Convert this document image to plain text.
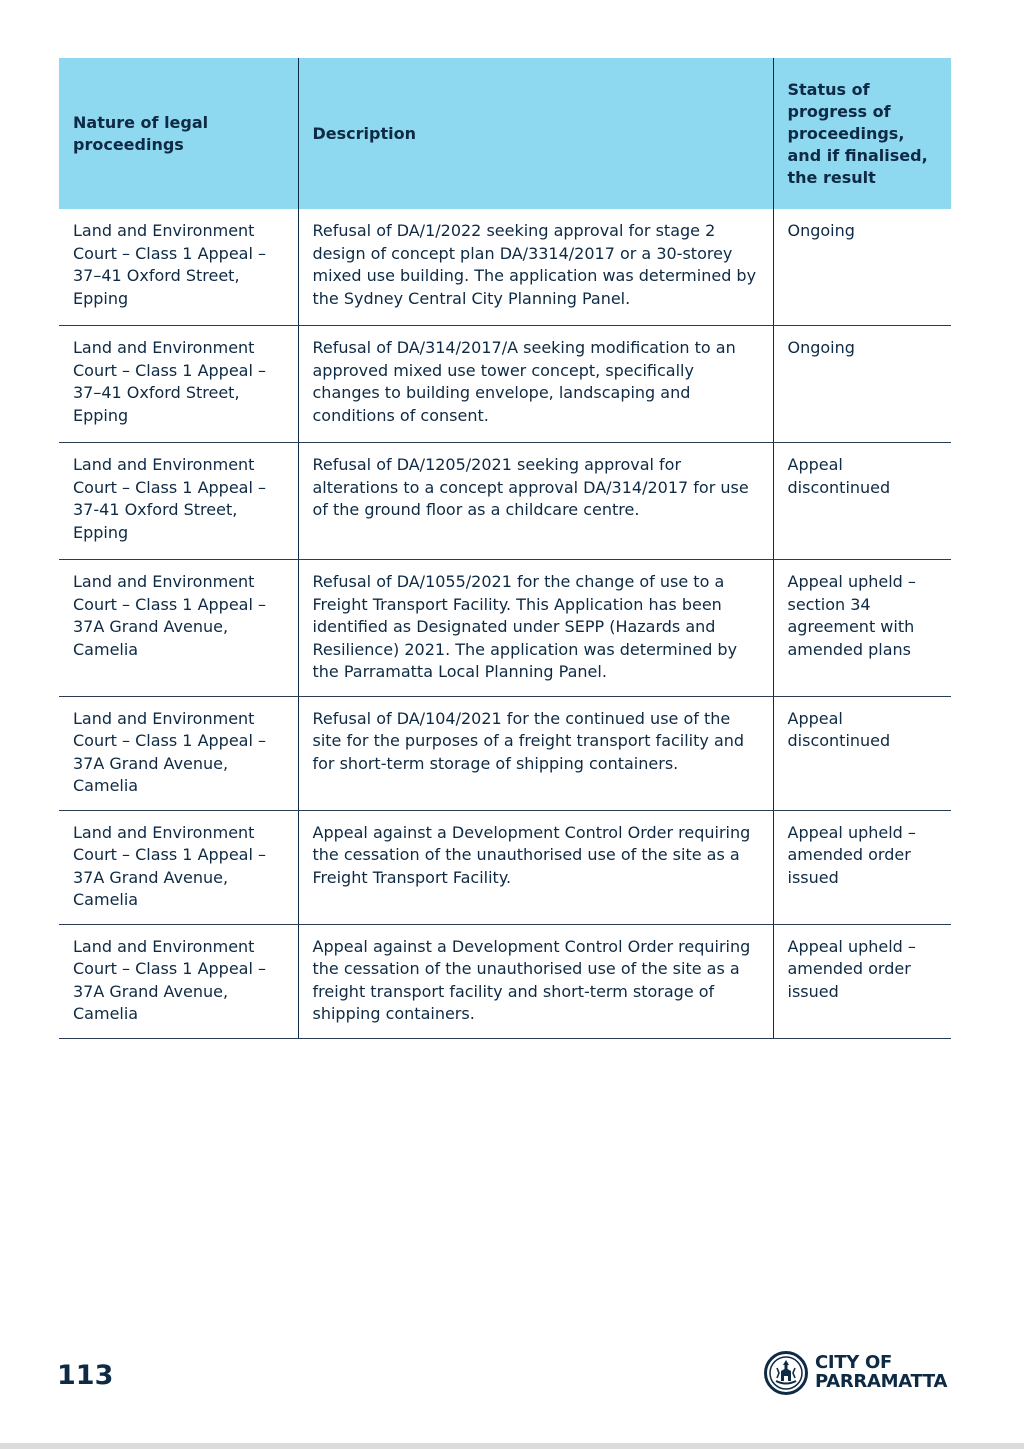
Nature of legal proceedings	Description	Status of progress of proceedings, and if finalised, the result
Land and Environment Court – Class 1 Appeal – 37–41 Oxford Street, Epping	Refusal of DA/1/2022 seeking approval for stage 2 design of concept plan DA/3314/2017 or a 30-storey mixed use building. The application was determined by the Sydney Central City Planning Panel.	Ongoing
Land and Environment Court – Class 1 Appeal – 37–41 Oxford Street, Epping	Refusal of DA/314/2017/A seeking modification to an approved mixed use tower concept, specifically changes to building envelope, landscaping and conditions of consent.	Ongoing
Land and Environment Court – Class 1 Appeal – 37-41 Oxford Street, Epping	Refusal of DA/1205/2021 seeking approval for alterations to a concept approval DA/314/2017 for use of the ground floor as a childcare centre.	Appeal discontinued
Land and Environment Court – Class 1 Appeal – 37A Grand Avenue, Camelia	Refusal of DA/1055/2021 for the change of use to a Freight Transport Facility. This Application has been identified as Designated under SEPP (Hazards and Resilience) 2021. The application was determined by the Parramatta Local Planning Panel.	Appeal upheld – section 34 agreement with amended plans
Land and Environment Court – Class 1 Appeal – 37A Grand Avenue, Camelia	Refusal of DA/104/2021 for the continued use of the site for the purposes of a freight transport facility and for short-term storage of shipping containers.	Appeal discontinued
Land and Environment Court – Class 1 Appeal – 37A Grand Avenue, Camelia	Appeal against a Development Control Order requiring the cessation of the unauthorised use of the site as a Freight Transport Facility.	Appeal upheld – amended order issued
Land and Environment Court – Class 1 Appeal – 37A Grand Avenue, Camelia	Appeal against a Development Control Order requiring the cessation of the unauthorised use of the site as a freight transport facility and short-term storage of shipping containers.	Appeal upheld – amended order issued
113	CITY OF
PARRAMATTA
